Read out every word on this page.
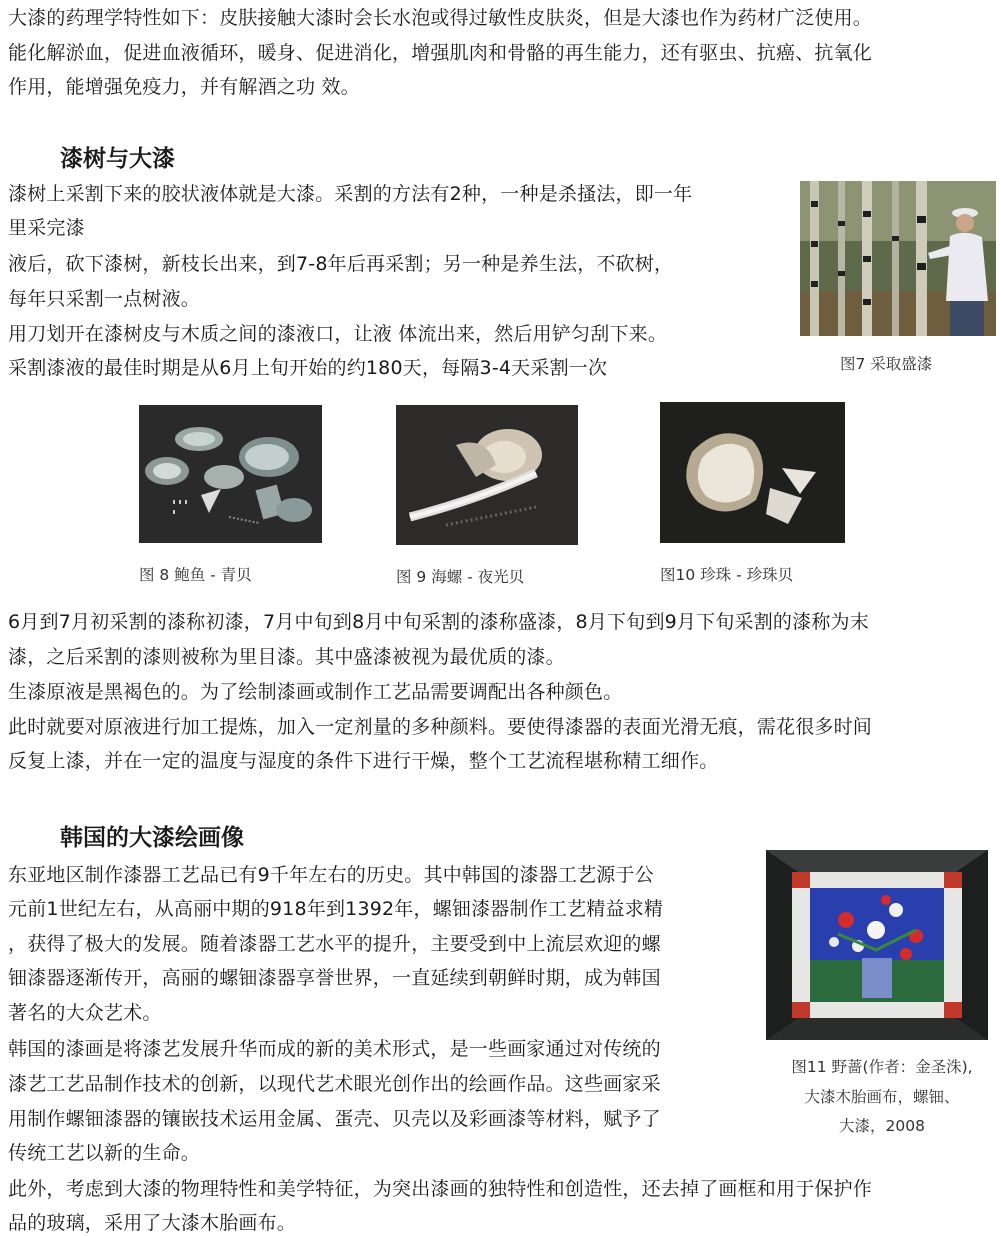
大漆的药理学特性如下：皮肤接触大漆时会长水泡或得过敏性皮肤炎，但是大漆也作为药材广泛使用。
能化解淤血，促进血液循环，暖身、促进消化，增强肌肉和骨骼的再生能力，还有驱虫、抗癌、抗氧化
作用，能增强免疫力，并有解酒之功 效。
漆树与大漆
漆树上采割下来的胶状液体就是大漆。采割的方法有2种，一种是杀搔法，即一年
里采完漆
液后，砍下漆树，新枝长出来，到7-8年后再采割；另一种是养生法，不砍树，
每年只采割一点树液。
用刀划开在漆树皮与木质之间的漆液口，让液 体流出来，然后用铲匀刮下来。
采割漆液的最佳时期是从6月上旬开始的约180天，每隔3-4天采割一次	图7 采取盛漆
图 8 鲍鱼 - 青贝	图 9 海螺 - 夜光贝	图10 珍珠 - 珍珠贝
6月到7月初采割的漆称初漆，7月中旬到8月中旬采割的漆称盛漆，8月下旬到9月下旬采割的漆称为末
漆，之后采割的漆则被称为里目漆。其中盛漆被视为最优质的漆。
生漆原液是黑褐色的。为了绘制漆画或制作工艺品需要调配出各种颜色。
此时就要对原液进行加工提炼，加入一定剂量的多种颜料。要使得漆器的表面光滑无痕，需花很多时间
反复上漆，并在一定的温度与湿度的条件下进行干燥，整个工艺流程堪称精工细作。
韩国的大漆绘画像
东亚地区制作漆器工艺品已有9千年左右的历史。其中韩国的漆器工艺源于公
元前1世纪左右，从高丽中期的918年到1392年，螺钿漆器制作工艺精益求精
，获得了极大的发展。随着漆器工艺水平的提升，主要受到中上流层欢迎的螺
钿漆器逐渐传开，高丽的螺钿漆器享誉世界，一直延续到朝鲜时期，成为韩国
著名的大众艺术。
韩国的漆画是将漆艺发展升华而成的新的美术形式，是一些画家通过对传统的
漆艺工艺品制作技术的创新，以现代艺术眼光创作出的绘画作品。这些画家采
用制作螺钿漆器的镶嵌技术运用金属、蛋壳、贝壳以及彩画漆等材料，赋予了
传统工艺以新的生命。
此外，考虑到大漆的物理特性和美学特征，为突出漆画的独特性和创造性，还去掉了画框和用于保护作
品的玻璃，采用了大漆木胎画布。
图11 野蔷(作者：金圣洙),
大漆木胎画布，螺钿、
大漆，2008
